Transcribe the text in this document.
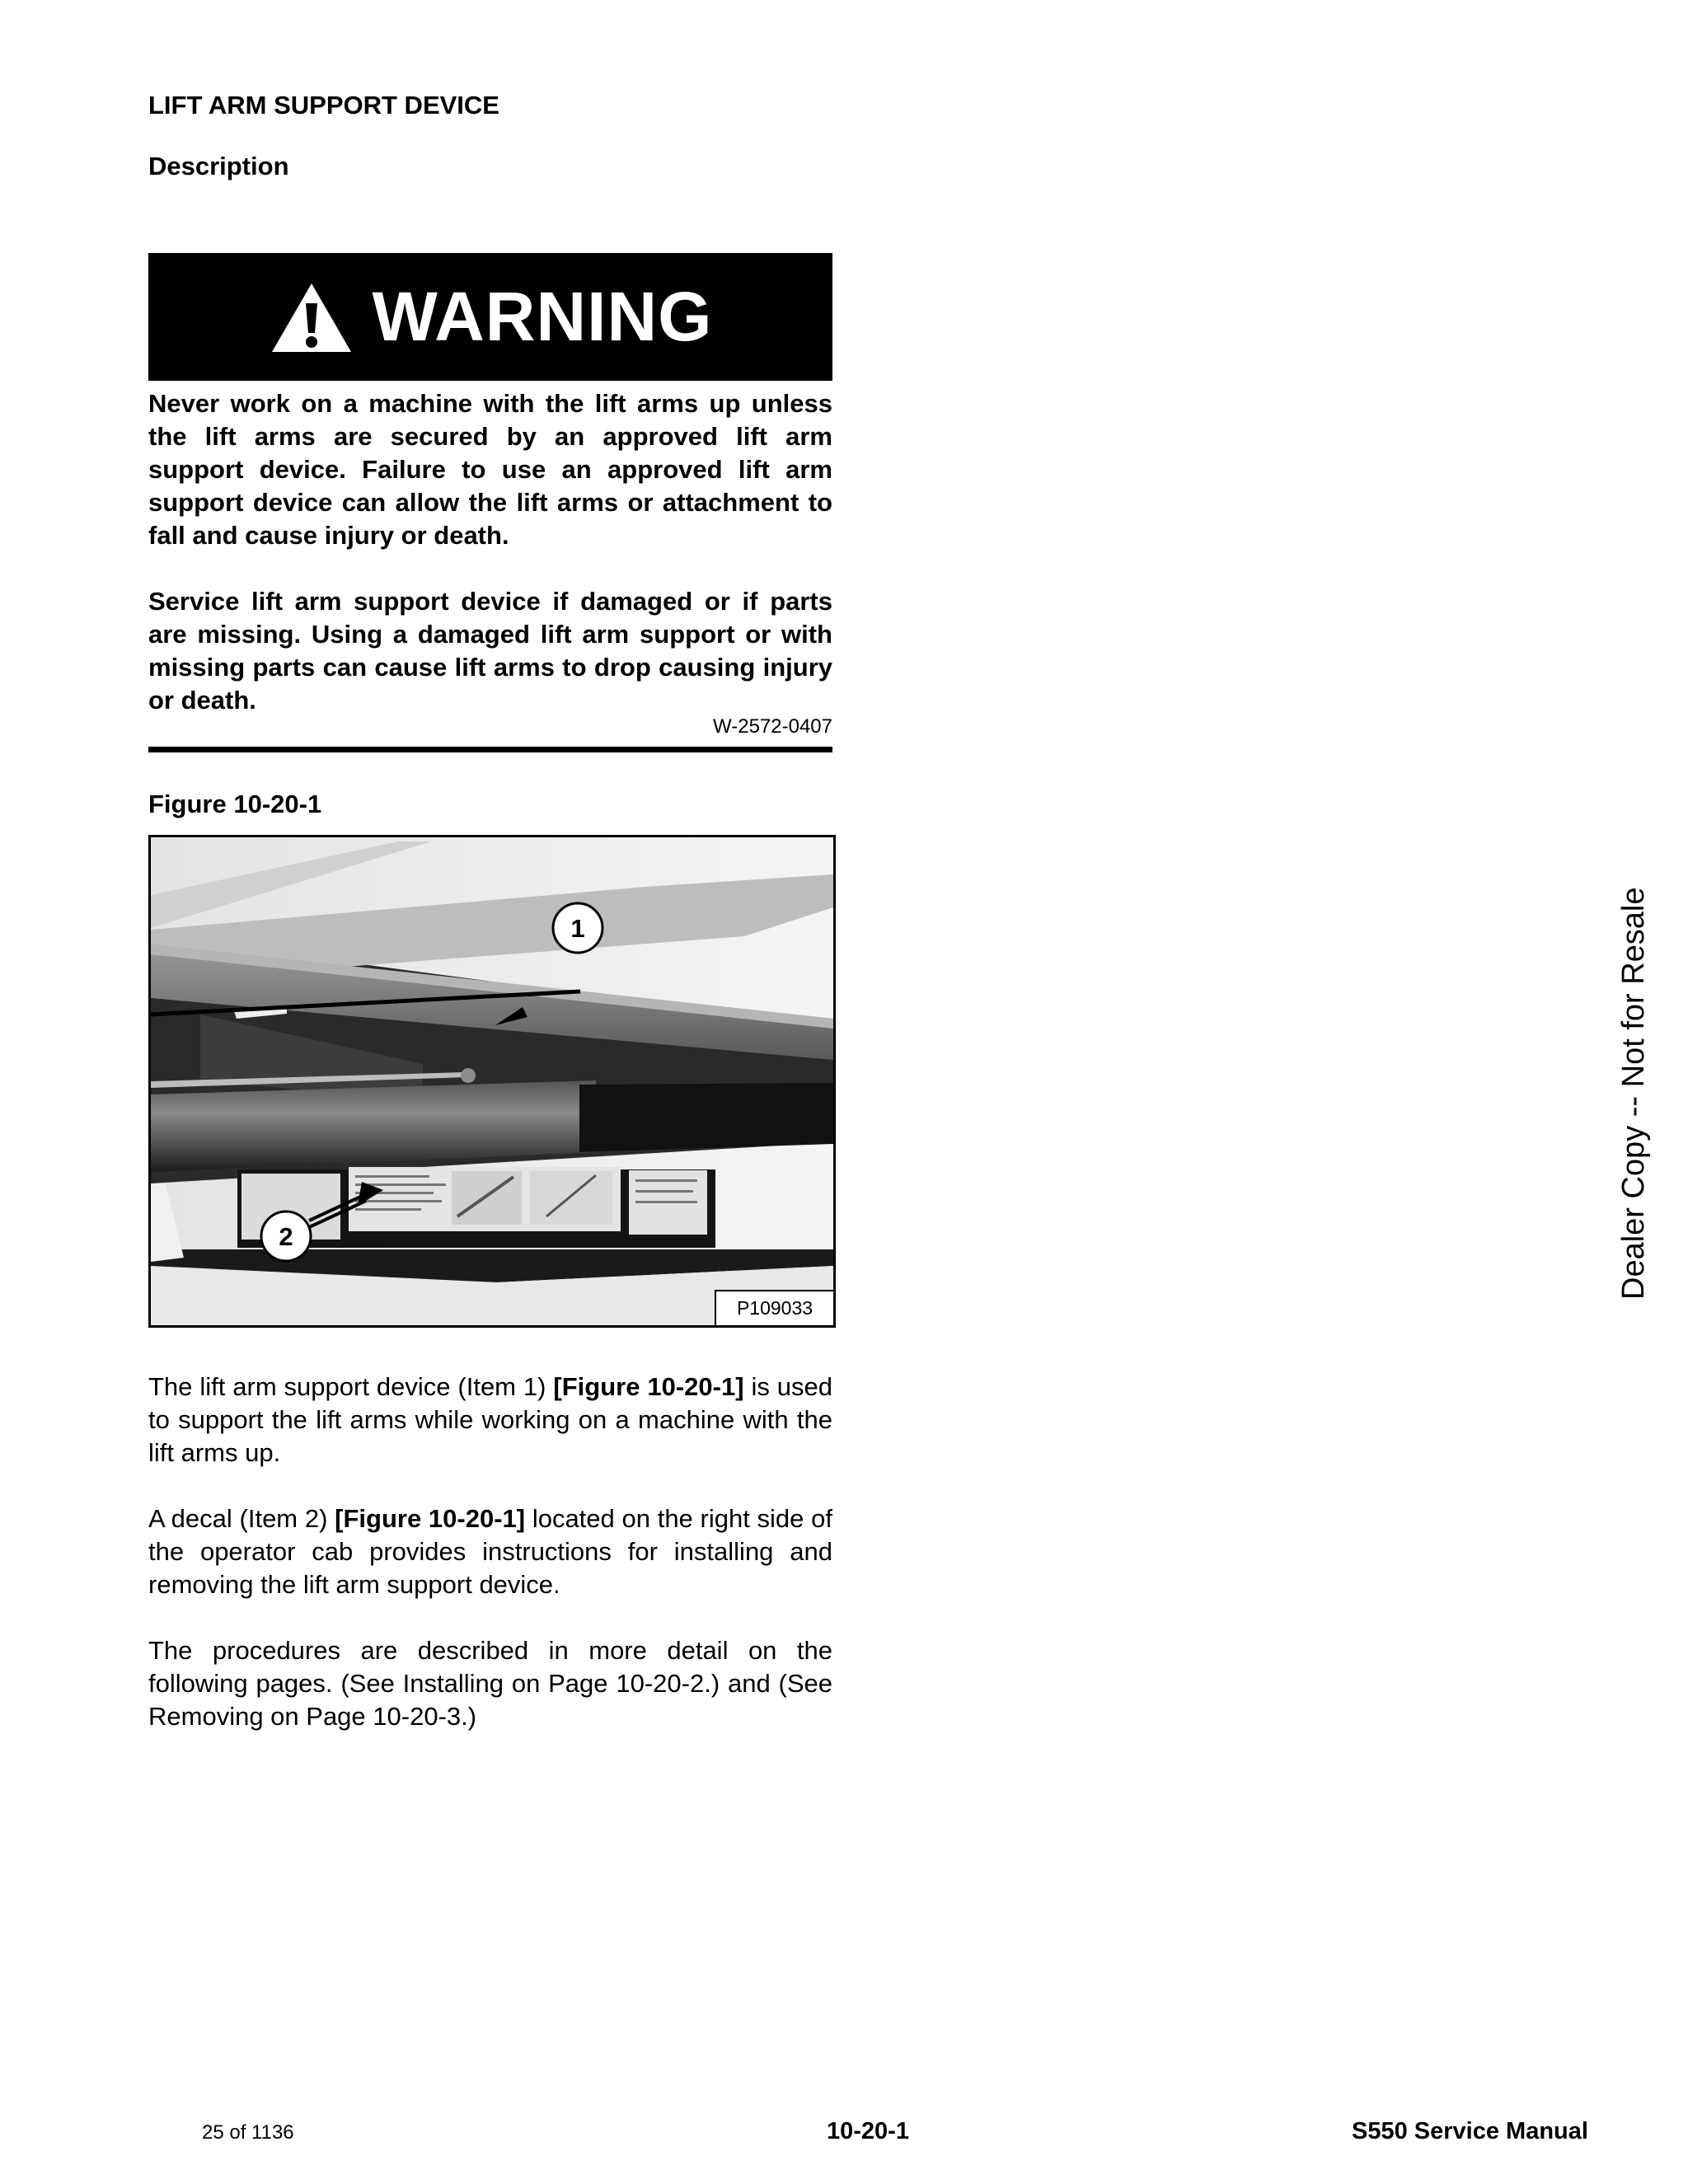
LIFT ARM SUPPORT DEVICE
Description
WARNING

Never work on a machine with the lift arms up unless the lift arms are secured by an approved lift arm support device. Failure to use an approved lift arm support device can allow the lift arms or attachment to fall and cause injury or death.

Service lift arm support device if damaged or if parts are missing. Using a damaged lift arm support or with missing parts can cause lift arms to drop causing injury or death.

W-2572-0407
Figure 10-20-1
1
2
P109033

The lift arm support device (Item 1) [Figure 10-20-1] is used to support the lift arms while working on a machine with the lift arms up.

A decal (Item 2) [Figure 10-20-1] located on the right side of the operator cab provides instructions for installing and removing the lift arm support device.

The procedures are described in more detail on the following pages. (See Installing on Page 10-20-2.) and (See Removing on Page 10-20-3.)

Dealer Copy -- Not for Resale
25 of 1136	10-20-1	S550 Service Manual
